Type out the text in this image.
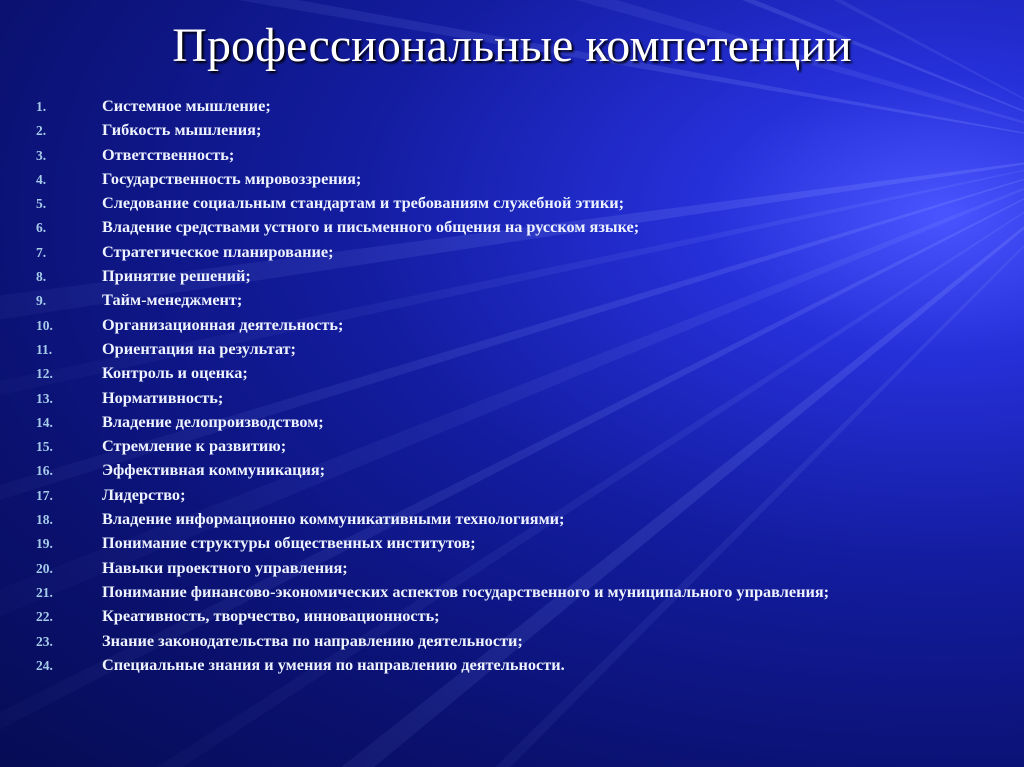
Профессиональные компетенции
1.	Системное мышление;
2.	Гибкость мышления;
3.	Ответственность;
4.	Государственность мировоззрения;
5.	Следование социальным стандартам и требованиям служебной этики;
6.	Владение средствами устного и письменного общения на русском языке;
7.	Стратегическое планирование;
8.	Принятие решений;
9.	Тайм-менеджмент;
10.	Организационная деятельность;
11.	Ориентация на результат;
12.	Контроль и оценка;
13.	Нормативность;
14.	Владение делопроизводством;
15.	Стремление к развитию;
16.	Эффективная коммуникация;
17.	Лидерство;
18.	Владение информационно коммуникативными технологиями;
19.	Понимание структуры общественных институтов;
20.	Навыки проектного управления;
21.	Понимание финансово-экономических аспектов государственного и муниципального управления;
22.	Креативность, творчество, инновационность;
23.	Знание законодательства по направлению деятельности;
24.	Специальные знания и умения по направлению деятельности.
